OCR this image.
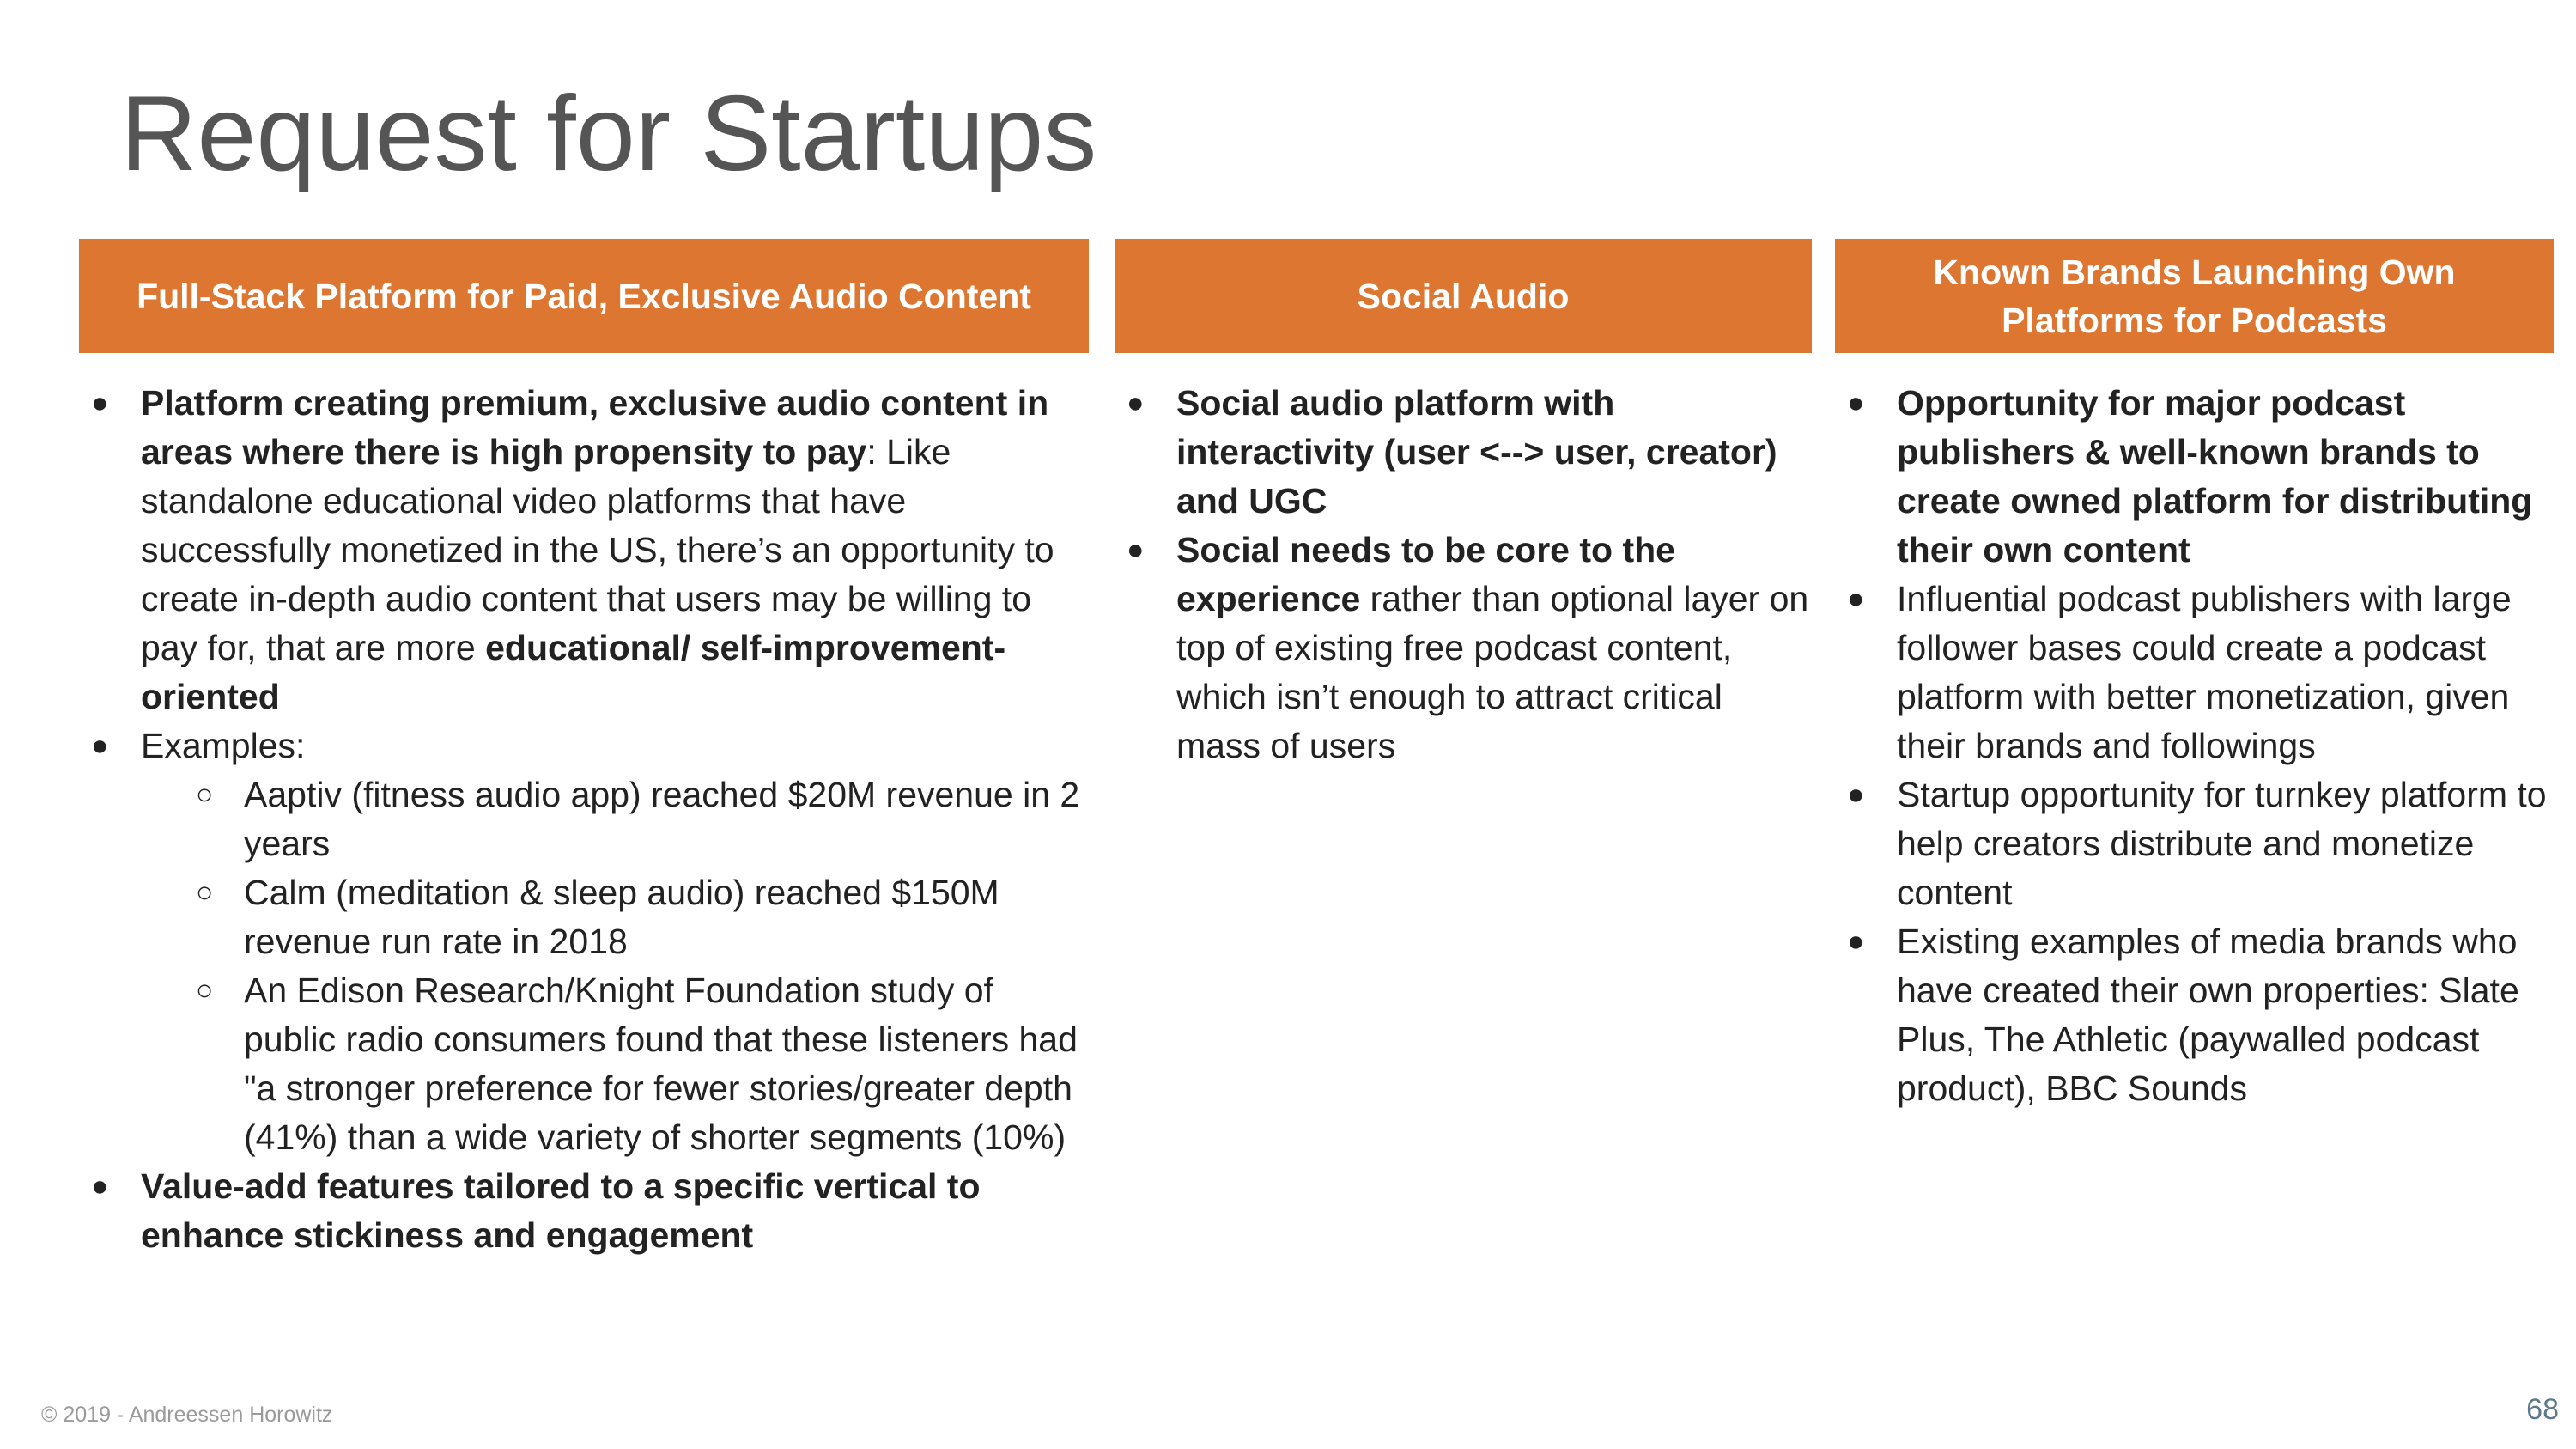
Request for Startups
Full-Stack Platform for Paid, Exclusive Audio Content
● Platform creating premium, exclusive audio content in areas where there is high propensity to pay: Like standalone educational video platforms that have successfully monetized in the US, there’s an opportunity to create in-depth audio content that users may be willing to pay for, that are more educational/ self-improvement-oriented
● Examples:
○ Aaptiv (fitness audio app) reached $20M revenue in 2 years
○ Calm (meditation & sleep audio) reached $150M revenue run rate in 2018
○ An Edison Research/Knight Foundation study of public radio consumers found that these listeners had "a stronger preference for fewer stories/greater depth (41%) than a wide variety of shorter segments (10%)
● Value-add features tailored to a specific vertical to enhance stickiness and engagement
Social Audio
● Social audio platform with interactivity (user <--> user, creator) and UGC
● Social needs to be core to the experience rather than optional layer on top of existing free podcast content, which isn’t enough to attract critical mass of users
Known Brands Launching Own Platforms for Podcasts
● Opportunity for major podcast publishers & well-known brands to create owned platform for distributing their own content
● Influential podcast publishers with large follower bases could create a podcast platform with better monetization, given their brands and followings
● Startup opportunity for turnkey platform to help creators distribute and monetize content
● Existing examples of media brands who have created their own properties: Slate Plus, The Athletic (paywalled podcast product), BBC Sounds
© 2019 - Andreessen Horowitz	68
